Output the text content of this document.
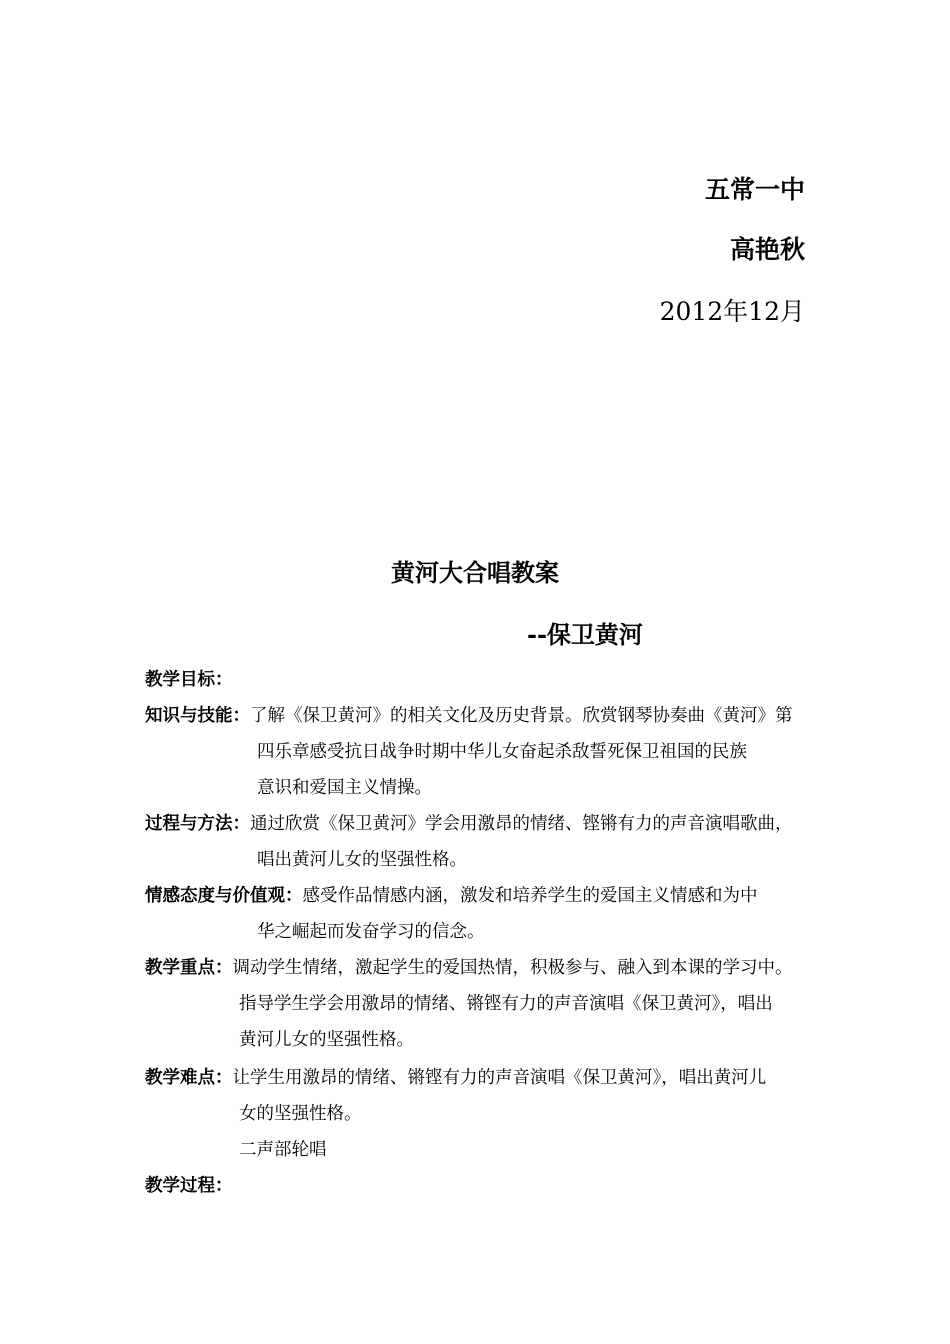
五常一中
高艳秋
2012年12月
黄河大合唱教案
--保卫黄河
教学目标：
知识与技能：了解《保卫黄河》的相关文化及历史背景。欣赏钢琴协奏曲《黄河》第
四乐章感受抗日战争时期中华儿女奋起杀敌誓死保卫祖国的民族
意识和爱国主义情操。
过程与方法：通过欣赏《保卫黄河》学会用激昂的情绪、铿锵有力的声音演唱歌曲，
唱出黄河儿女的坚强性格。
情感态度与价值观：感受作品情感内涵，激发和培养学生的爱国主义情感和为中
华之崛起而发奋学习的信念。
教学重点：调动学生情绪，激起学生的爱国热情，积极参与、融入到本课的学习中。
指导学生学会用激昂的情绪、锵铿有力的声音演唱《保卫黄河》，唱出
黄河儿女的坚强性格。
教学难点：让学生用激昂的情绪、锵铿有力的声音演唱《保卫黄河》，唱出黄河儿
女的坚强性格。
二声部轮唱
教学过程：
